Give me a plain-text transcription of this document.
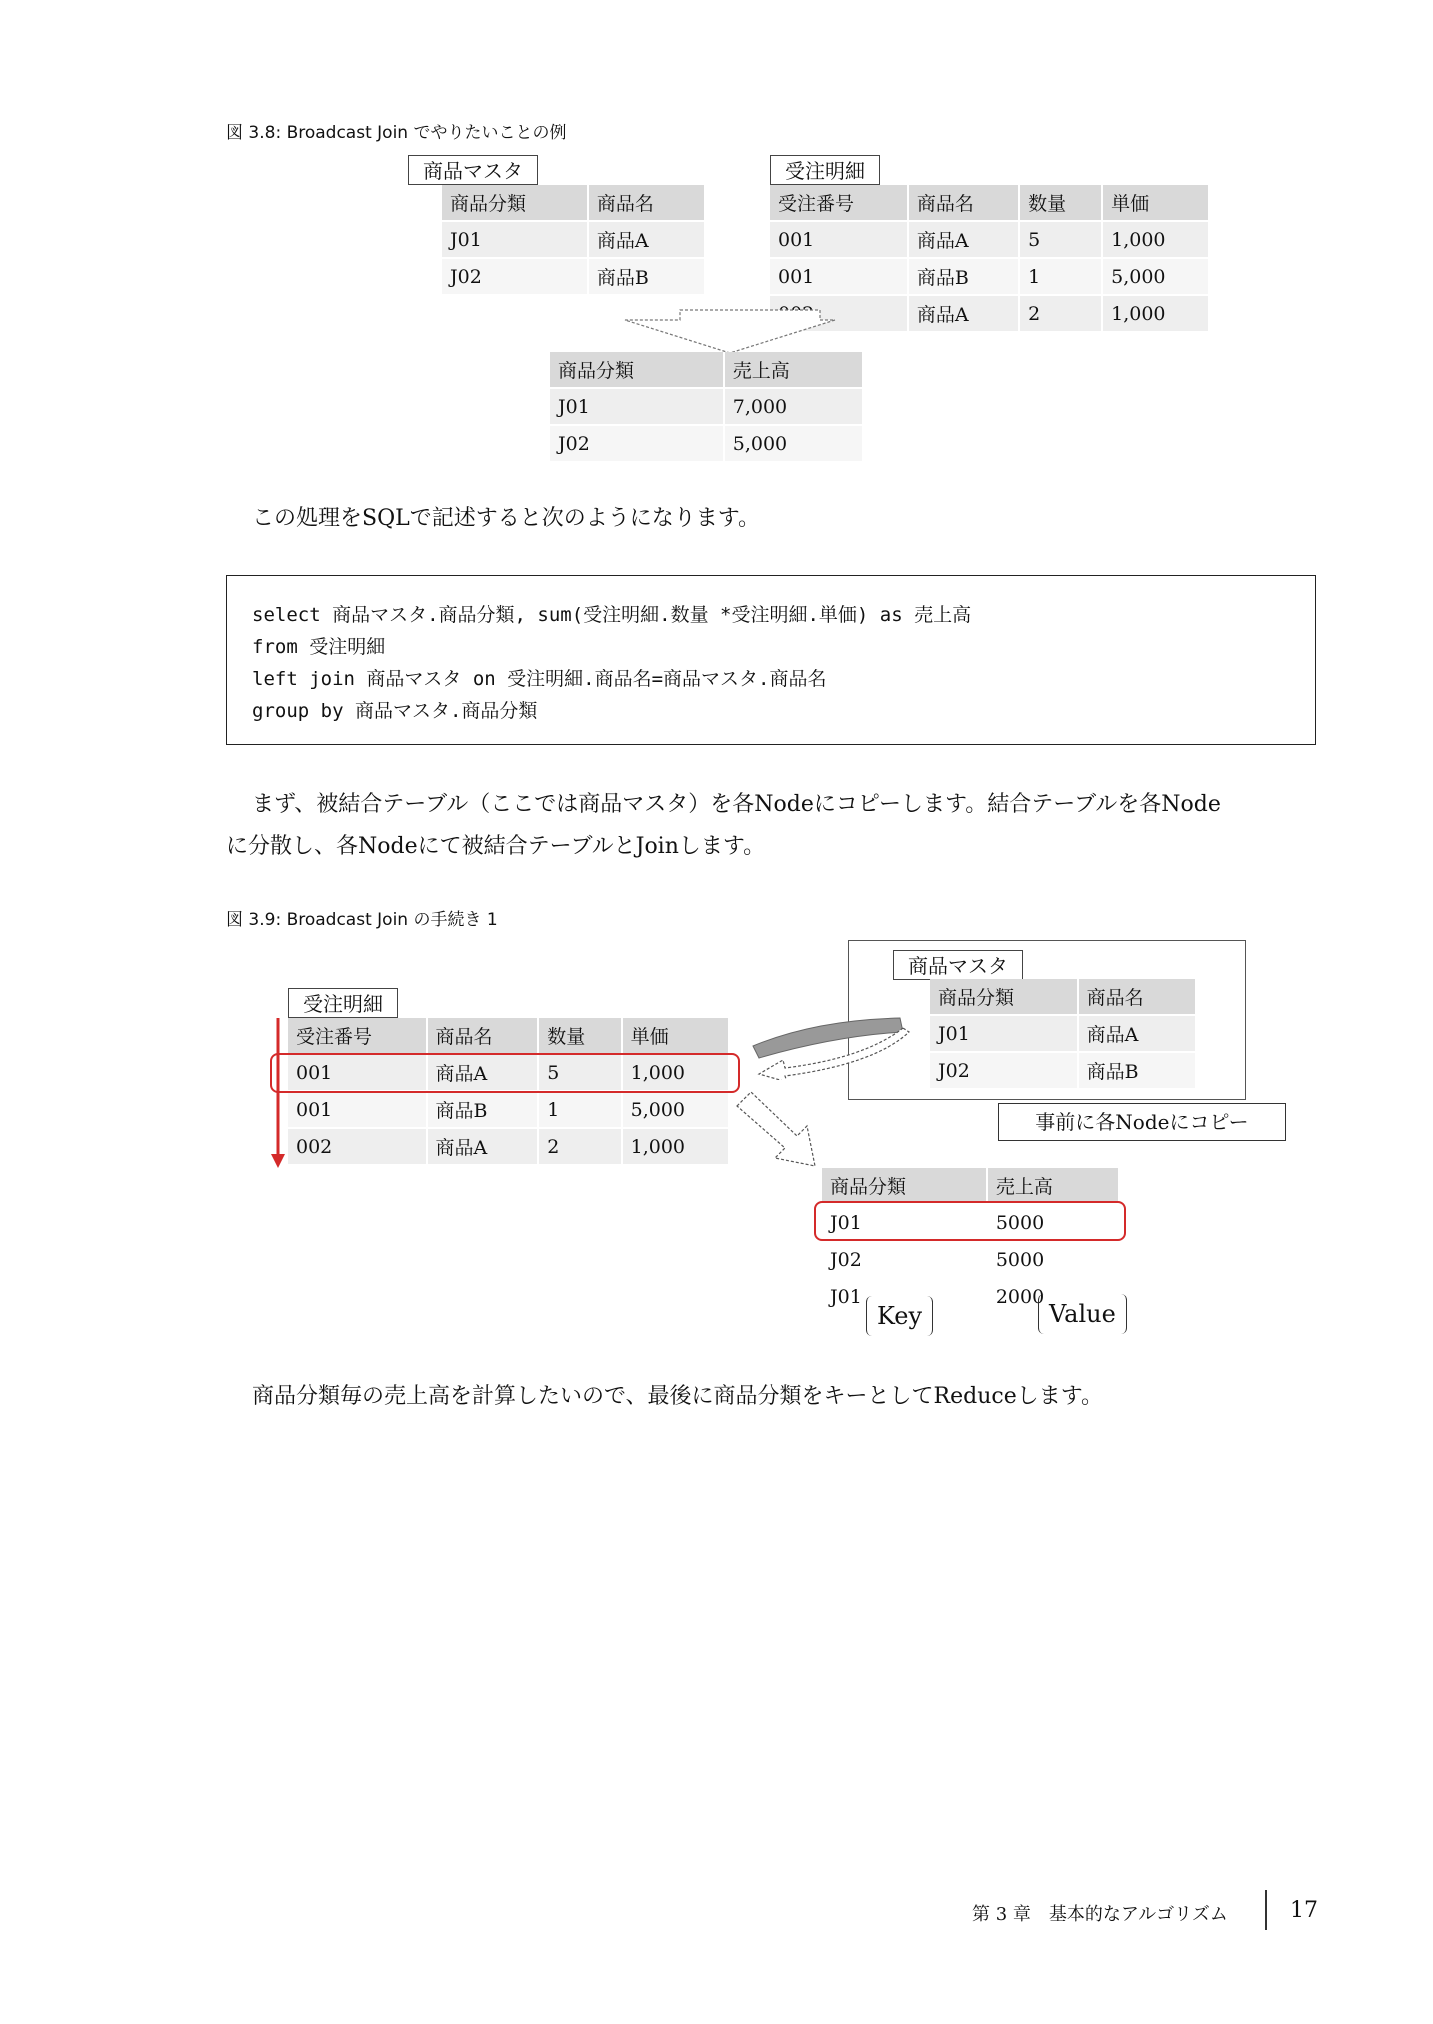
図 3.8: Broadcast Join でやりたいことの例
商品マスタ
商品分類	商品名
J01	商品A
J02	商品B
受注明細
受注番号	商品名	数量	単価
001	商品A	5	1,000
001	商品B	1	5,000
	商品A	2	1,000
商品分類	売上高
J01	7,000
J02	5,000
この処理をSQLで記述すると次のようになります。
select 商品マスタ.商品分類, sum(受注明細.数量 *受注明細.単価) as 売上高
from 受注明細
left join 商品マスタ on 受注明細.商品名=商品マスタ.商品名
group by 商品マスタ.商品分類
まず、被結合テーブル（ここでは商品マスタ）を各Nodeにコピーします。結合テーブルを各Node
に分散し、各Nodeにて被結合テーブルとJoinします。
図 3.9: Broadcast Join の手続き 1
受注明細
受注番号	商品名	数量	単価
001	商品A	5	1,000
001	商品B	1	5,000
002	商品A	2	1,000
商品マスタ
商品分類	商品名
J01	商品A
J02	商品B
事前に各Nodeにコピー
商品分類	売上高
J01	5000
J02	5000
J01	2000
Key	Value
商品分類毎の売上高を計算したいので、最後に商品分類をキーとしてReduceします。
第 3 章　基本的なアルゴリズム	17
